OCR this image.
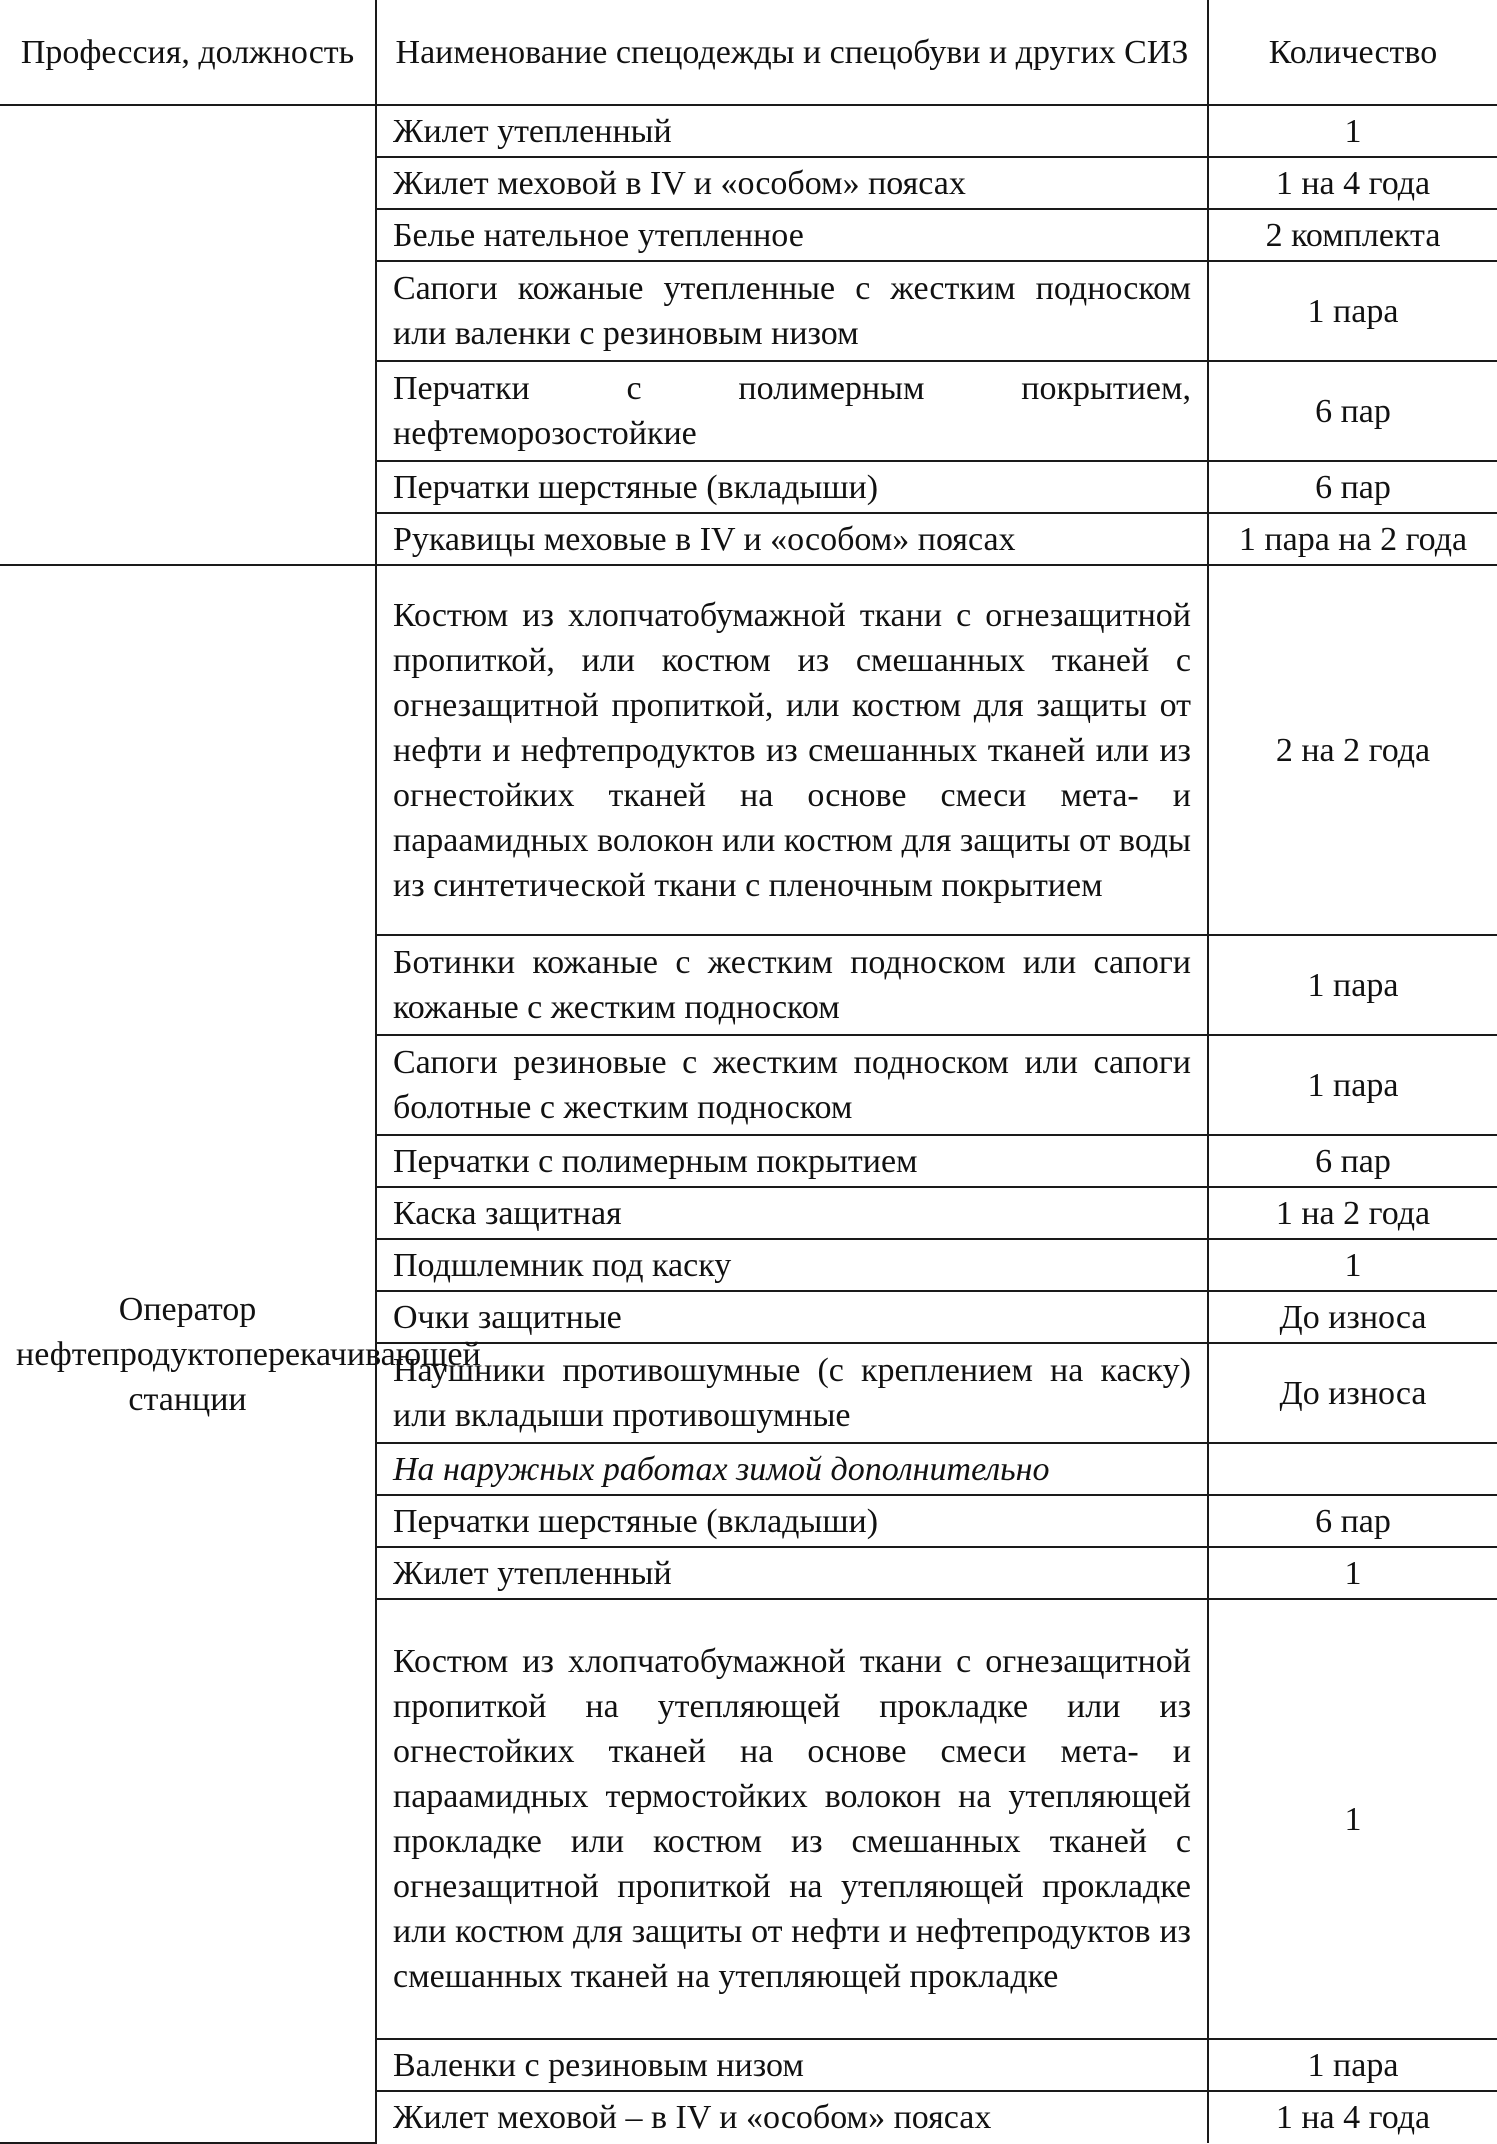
Профессия, должность	Наименование спецодежды и спецобуви и других СИЗ	Количество
	Жилет утепленный	1
	Жилет меховой в IV и «особом» поясах	1 на 4 года
	Белье нательное утепленное	2 комплекта
	Сапоги кожаные утепленные с жестким подноском или валенки с резиновым низом	1 пара
	Перчатки с полимерным покрытием, нефтеморозостойкие	6 пар
	Перчатки шерстяные (вкладыши)	6 пар
	Рукавицы меховые в IV и «особом» поясах	1 пара на 2 года
Оператор нефтепродуктоперекачивающей станции	Костюм из хлопчатобумажной ткани с огнезащитной пропиткой, или костюм из смешанных тканей с огнезащитной пропиткой, или костюм для защиты от нефти и нефтепродуктов из смешанных тканей или из огнестойких тканей на основе смеси мета- и параамидных волокон или костюм для защиты от воды из синтетической ткани с пленочным покрытием	2 на 2 года
	Ботинки кожаные с жестким подноском или сапоги кожаные с жестким подноском	1 пара
	Сапоги резиновые с жестким подноском или сапоги болотные с жестким подноском	1 пара
	Перчатки с полимерным покрытием	6 пар
	Каска защитная	1 на 2 года
	Подшлемник под каску	1
	Очки защитные	До износа
	Наушники противошумные (с креплением на каску) или вкладыши противошумные	До износа
	На наружных работах зимой дополнительно	
	Перчатки шерстяные (вкладыши)	6 пар
	Жилет утепленный	1
	Костюм из хлопчатобумажной ткани с огнезащитной пропиткой на утепляющей прокладке или из огнестойких тканей на основе смеси мета- и параамидных термостойких волокон на утепляющей прокладке или костюм из смешанных тканей с огнезащитной пропиткой на утепляющей прокладке или костюм для защиты от нефти и нефтепродуктов из смешанных тканей на утепляющей прокладке	1
	Валенки с резиновым низом	1 пара
	Жилет меховой – в IV и «особом» поясах	1 на 4 года
